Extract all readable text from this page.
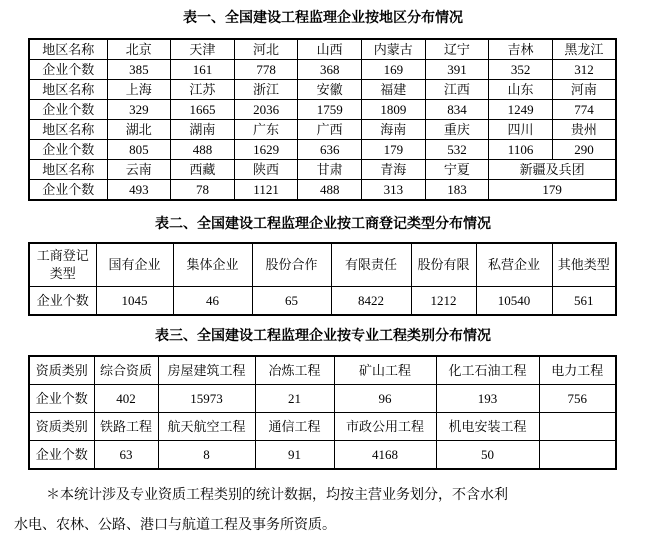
表一、全国建设工程监理企业按地区分布情况
地区名称	北京	天津	河北	山西	内蒙古	辽宁	吉林	黑龙江
企业个数	385	161	778	368	169	391	352	312
地区名称	上海	江苏	浙江	安徽	福建	江西	山东	河南
企业个数	329	1665	2036	1759	1809	834	1249	774
地区名称	湖北	湖南	广东	广西	海南	重庆	四川	贵州
企业个数	805	488	1629	636	179	532	1106	290
地区名称	云南	西藏	陕西	甘肃	青海	宁夏	新疆及兵团	
企业个数	493	78	1121	488	313	183	179	
表二、全国建设工程监理企业按工商登记类型分布情况
工商登记类型	国有企业	集体企业	股份合作	有限责任	股份有限	私营企业	其他类型
企业个数	1045	46	65	8422	1212	10540	561
表三、全国建设工程监理企业按专业工程类别分布情况
资质类别	综合资质	房屋建筑工程	冶炼工程	矿山工程	化工石油工程	电力工程
企业个数	402	15973	21	96	193	756
资质类别	铁路工程	航天航空工程	通信工程	市政公用工程	机电安装工程	
企业个数	63	8	91	4168	50	
＊本统计涉及专业资质工程类别的统计数据，均按主营业务划分，不含水利
水电、农林、公路、港口与航道工程及事务所资质。
